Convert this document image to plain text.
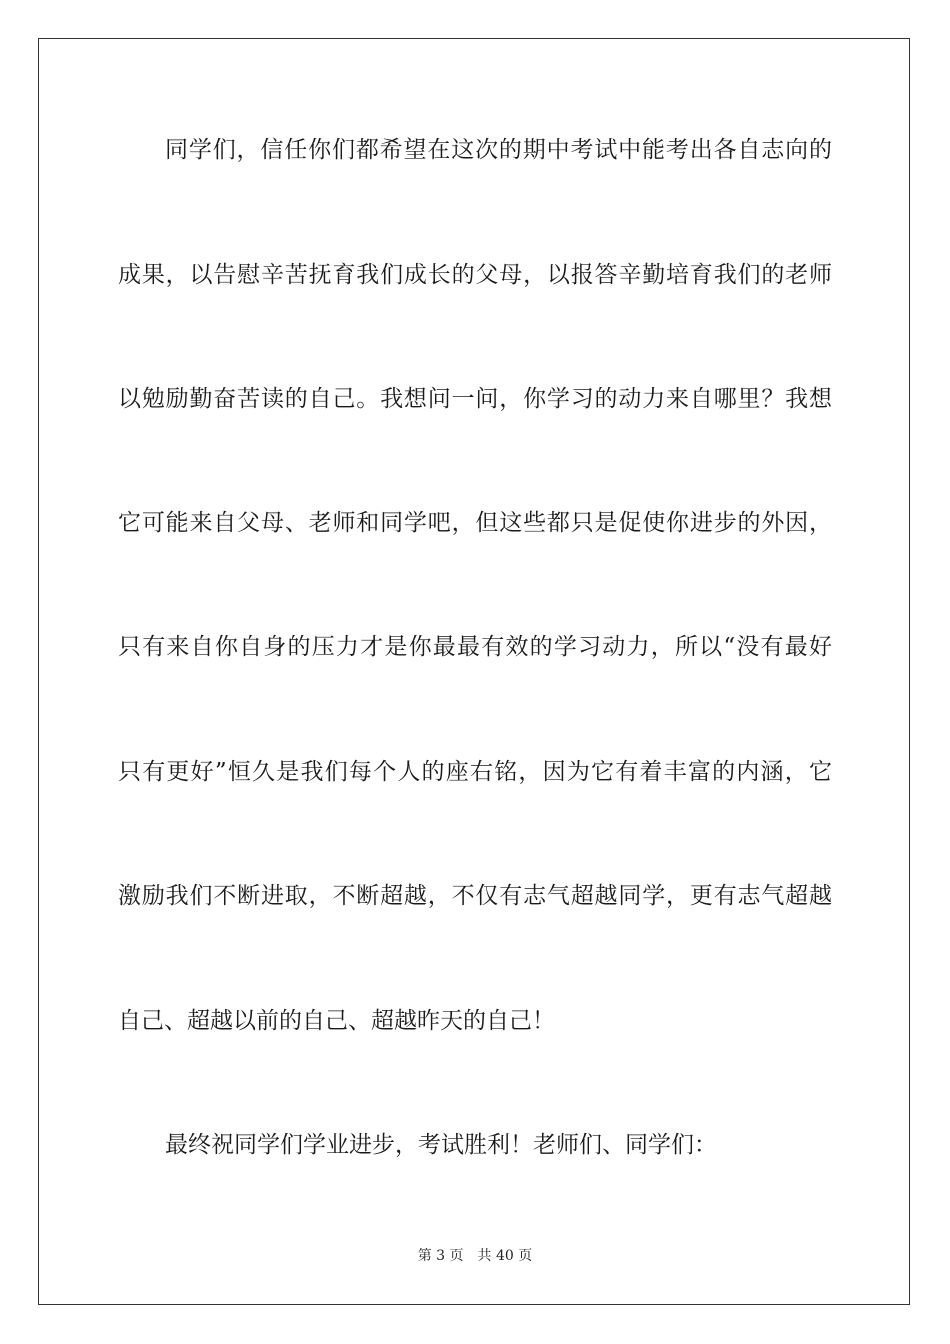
同学们，信任你们都希望在这次的期中考试中能考出各自志向的
成果，以告慰辛苦抚育我们成长的父母，以报答辛勤培育我们的老师
以勉励勤奋苦读的自己。我想问一问，你学习的动力来自哪里？我想
它可能来自父母、老师和同学吧，但这些都只是促使你进步的外因，
只有来自你自身的压力才是你最最有效的学习动力，所以“没有最好
只有更好”恒久是我们每个人的座右铭，因为它有着丰富的内涵，它
激励我们不断进取，不断超越，不仅有志气超越同学，更有志气超越
自己、超越以前的自己、超越昨天的自己！
最终祝同学们学业进步，考试胜利！老师们、同学们：
第 3 页 共 40 页
